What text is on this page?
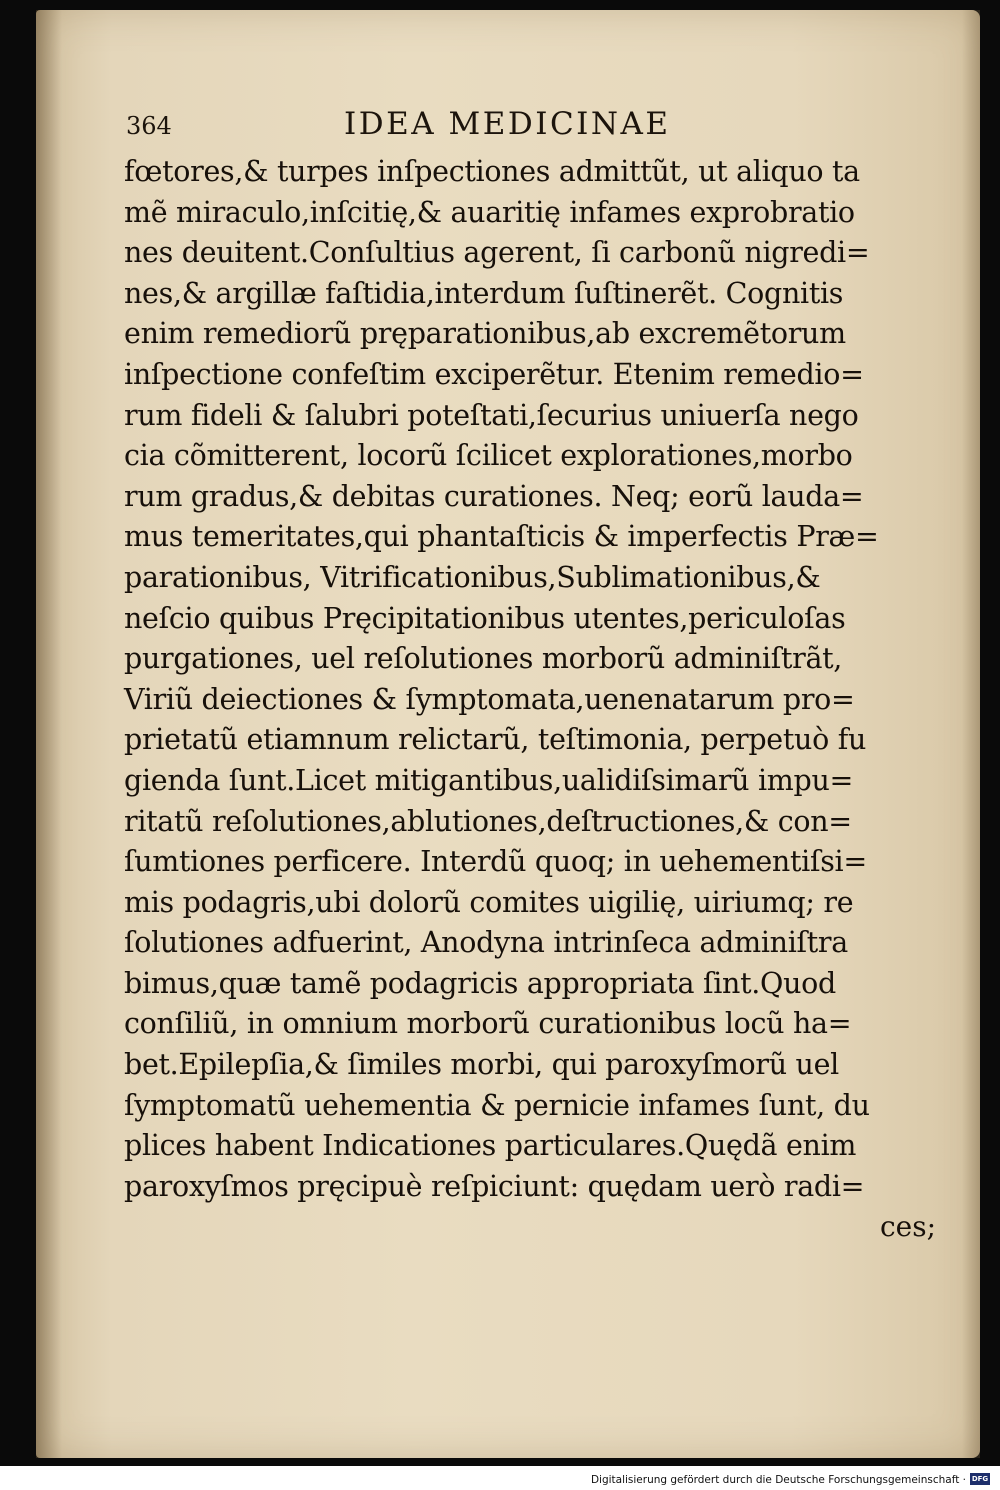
364	IDEA MEDICINAE
fœtores,& turpes inſpectiones admittũt, ut aliquo ta
mẽ miraculo,inſcitię,& auaritię infames exprobratio
nes deuitent.Conſultius agerent, ſi carbonũ nigredi=
nes,& argillæ faſtidia,interdum ſuſtinerẽt. Cognitis
enim remediorũ pręparationibus,ab excremẽtorum
inſpectione confeſtim exciperẽtur. Etenim remedio=
rum fideli & ſalubri poteſtati,ſecurius uniuerſa nego
cia cõmitterent, locorũ ſcilicet explorationes,morbo
rum gradus,& debitas curationes. Neq; eorũ lauda=
mus temeritates,qui phantaſticis & imperfectis Præ=
parationibus, Vitrificationibus,Sublimationibus,&
neſcio quibus Pręcipitationibus utentes,periculoſas
purgationes, uel reſolutiones morborũ adminiſtrãt,
Viriũ deiectiones & ſymptomata,uenenatarum pro=
prietatũ etiamnum relictarũ, teſtimonia, perpetuò fu
gienda ſunt.Licet mitigantibus,ualidiſsimarũ impu=
ritatũ reſolutiones,ablutiones,deſtructiones,& con=
ſumtiones perficere. Interdũ quoq; in uehementiſsi=
mis podagris,ubi dolorũ comites uigilię, uiriumq; re
ſolutiones adfuerint, Anodyna intrinſeca adminiſtra
bimus,quæ tamẽ podagricis appropriata ſint.Quod
conſiliũ, in omnium morborũ curationibus locũ ha=
bet.Epilepſia,& ſimiles morbi, qui paroxyſmorũ uel
ſymptomatũ uehementia & pernicie infames ſunt, du
plices habent Indicationes particulares.Quędã enim
paroxyſmos pręcipuè reſpiciunt: quędam uerò radi=
ces;
Digitalisierung gefördert durch die Deutsche Forschungsgemeinschaft · DFG
